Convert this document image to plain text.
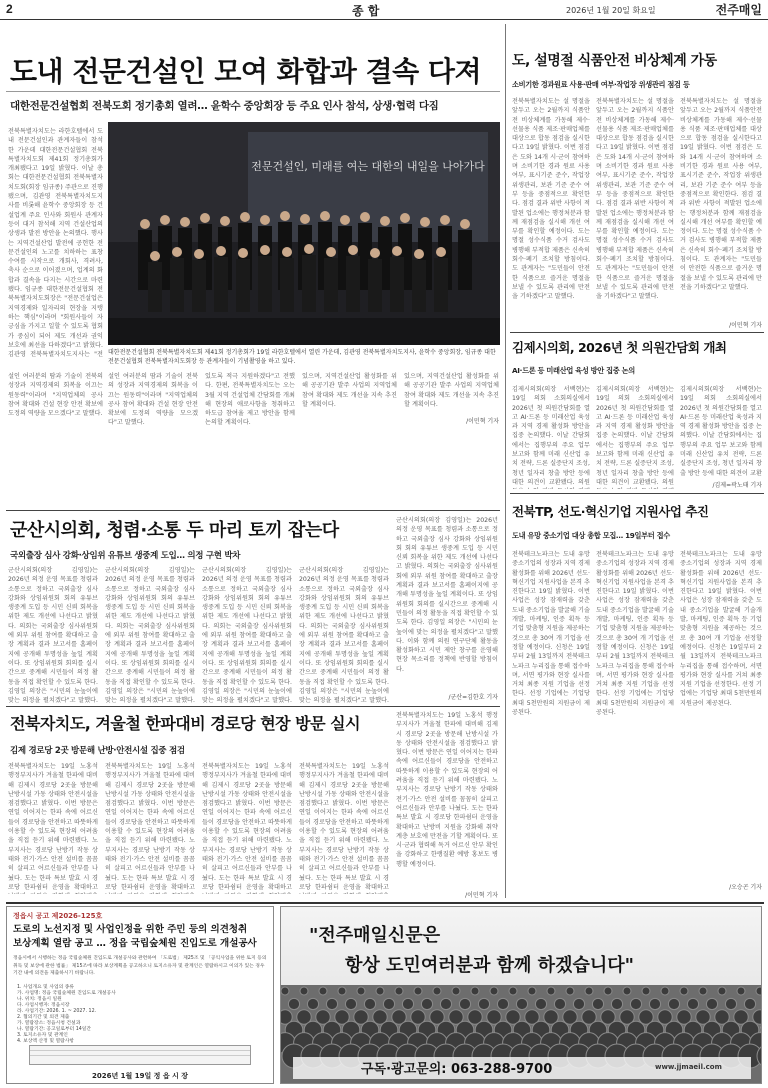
2	종 합	2026년 1월 20일 화요일	전주매일
도내 전문건설인 모여 화합과 결속 다져
대한전문건설협회 전북도회 정기총회 열려… 윤학수 중앙회장 등 주요 인사 참석, 상생·협력 다짐
전북특별자치도는 라한호텔에서 도내 전문건설인과 관계자들이 참석한 가운데 대한전문건설협회 전북특별자치도회 제41회 정기총회가 개최됐다고 19일 밝혔다. 이날 총회는 대한전문건설협회 전북특별자치도회(회장 임규종) 주관으로 진행됐으며, 김관영 전북특별자치도지사를 비롯해 윤학수 중앙회장 등 건설업계 주요 인사와 회원사 관계자 등이 대거 참석해 지역 건설산업의 상생과 발전 방안을 논의했다. 행사는 지역건설산업 발전에 공헌한 전문건설인의 노고를 치하하는 표창 수여를 시작으로 개회사, 격려사, 축사 순으로 이어졌으며, 업계의 화합과 결속을 다지는 시간으로 마련됐다. 임규종 대한전문건설협회 전북특별자치도회장은 "전문건설업은 지역경제와 일자리의 현장을 지탱하는 핵심"이라며 "회원사들이 자긍심을 가지고 일할 수 있도록 협회가 중심이 되어 제도 개선과 권익 보호에 최선을 다하겠다"고 밝혔다. 김관영 전북특별자치도지사는 "전
설인 여러분의 땀과 기술이 전북의 성장과 지역경제의 회복을 이끄는 원동력"이라며 "지역업체의 공사 참여 확대와 건설 현장 안전 확보에 도정의 역량을 모으겠다"고 말했다.
전문건설인, 미래를 여는 대한의 내일을 나아가다
대한전문건설협회 전북특별자치도회 제41회 정기총회가 19일 라한호텔에서 열린 가운데, 김관영 전북특별자치도지사, 윤학수 중앙회장, 임규종 대한전문건설협회 전북특별자치도회장 등 관계자들이 기념촬영을 하고 있다.
설인 여러분의 땀과 기술이 전북의 성장과 지역경제의 회복을 이끄는 원동력"이라며 "지역업체의 공사 참여 확대와 건설 현장 안전 확보에 도정의 역량을 모으겠다"고 말했다.
있도록 적극 지원하겠다"고 전했다. 한편, 전북특별자치도는 오는 3월 지역 건설업체 간담회를 개최해 현장의 애로사항을 청취하고 하도급 참여율 제고 방안을 함께 논의할 계획이다.
있으며, 지역건설산업 활성화를 위해 공공기관 발주 사업의 지역업체 참여 확대와 제도 개선을 지속 추진할 계획이다.
있으며, 지역건설산업 활성화를 위해 공공기관 발주 사업의 지역업체 참여 확대와 제도 개선을 지속 추진할 계획이다.
/이민혁 기자
군산시의회, 청렴·소통 두 마리 토끼 잡는다
국외출장 심사 강화·상임위 유튜브 생중계 도입… 의정 구현 박차
군산시의회(의장 김영일)는 2026년 의정 운영 목표를 청렴과 소통으로 정하고 국외출장 심사 강화와 상임위원회 회의 유튜브 생중계 도입 등 시민 신뢰 회복을 위한 제도 개선에 나선다고 밝혔다. 의회는 국외출장 심사위원회에 외부 위원 참여를 확대하고 출장 계획과 결과 보고서를 홈페이지에 공개해 투명성을 높일 계획이다. 또 상임위원회 회의를 실시간으로 중계해 시민들이 의정 활동을 직접 확인할 수 있도록 한다. 김영일 의장은 "시민의 눈높이에 맞는 의정을 펼치겠다"고 말했다.
군산시의회(의장 김영일)는 2026년 의정 운영 목표를 청렴과 소통으로 정하고 국외출장 심사 강화와 상임위원회 회의 유튜브 생중계 도입 등 시민 신뢰 회복을 위한 제도 개선에 나선다고 밝혔다. 의회는 국외출장 심사위원회에 외부 위원 참여를 확대하고 출장 계획과 결과 보고서를 홈페이지에 공개해 투명성을 높일 계획이다. 또 상임위원회 회의를 실시간으로 중계해 시민들이 의정 활동을 직접 확인할 수 있도록 한다. 김영일 의장은 "시민의 눈높이에 맞는 의정을 펼치겠다"고 말했다.
군산시의회(의장 김영일)는 2026년 의정 운영 목표를 청렴과 소통으로 정하고 국외출장 심사 강화와 상임위원회 회의 유튜브 생중계 도입 등 시민 신뢰 회복을 위한 제도 개선에 나선다고 밝혔다. 의회는 국외출장 심사위원회에 외부 위원 참여를 확대하고 출장 계획과 결과 보고서를 홈페이지에 공개해 투명성을 높일 계획이다. 또 상임위원회 회의를 실시간으로 중계해 시민들이 의정 활동을 직접 확인할 수 있도록 한다. 김영일 의장은 "시민의 눈높이에 맞는 의정을 펼치겠다"고 말했다.
군산시의회(의장 김영일)는 2026년 의정 운영 목표를 청렴과 소통으로 정하고 국외출장 심사 강화와 상임위원회 회의 유튜브 생중계 도입 등 시민 신뢰 회복을 위한 제도 개선에 나선다고 밝혔다. 의회는 국외출장 심사위원회에 외부 위원 참여를 확대하고 출장 계획과 결과 보고서를 홈페이지에 공개해 투명성을 높일 계획이다. 또 상임위원회 회의를 실시간으로 중계해 시민들이 의정 활동을 직접 확인할 수 있도록 한다. 김영일 의장은 "시민의 눈높이에 맞는 의정을 펼치겠다"고 말했다.
군산시의회(의장 김영일)는 2026년 의정 운영 목표를 청렴과 소통으로 정하고 국외출장 심사 강화와 상임위원회 회의 유튜브 생중계 도입 등 시민 신뢰 회복을 위한 제도 개선에 나선다고 밝혔다. 의회는 국외출장 심사위원회에 외부 위원 참여를 확대하고 출장 계획과 결과 보고서를 홈페이지에 공개해 투명성을 높일 계획이다. 또 상임위원회 회의를 실시간으로 중계해 시민들이 의정 활동을 직접 확인할 수 있도록 한다. 김영일 의장은 "시민의 눈높이에 맞는 의정을 펼치겠다"고 말했다. 이와 함께 의원 연구단체 활동을 활성화하고 시민 제안 창구를 운영해 현장 목소리를 정책에 반영할 방침이다.
/군산=김한호 기자
전북자치도, 겨울철 한파대비 경로당 현장 방문 실시
김제 경로당 2곳 방문해 난방·안전시설 집중 점검
전북특별자치도는 19일 노홍석 행정부지사가 겨울철 한파에 대비해 김제시 경로당 2곳을 방문해 난방시설 가동 상태와 안전시설을 점검했다고 밝혔다. 이번 방문은 연일 이어지는 한파 속에 어르신들이 경로당을 안전하고 따뜻하게 이용할 수 있도록 현장의 어려움을 직접 듣기 위해 마련됐다. 노 부지사는 경로당 난방기 작동 상태와 전기·가스 안전 설비를 꼼꼼히 살피고 어르신들과 안부를 나눴다. 도는 한파 특보 발효 시 경로당 한파쉼터 운영을 확대하고
전북특별자치도는 19일 노홍석 행정부지사가 겨울철 한파에 대비해 김제시 경로당 2곳을 방문해 난방시설 가동 상태와 안전시설을 점검했다고 밝혔다. 이번 방문은 연일 이어지는 한파 속에 어르신들이 경로당을 안전하고 따뜻하게 이용할 수 있도록 현장의 어려움을 직접 듣기 위해 마련됐다. 노 부지사는 경로당 난방기 작동 상태와 전기·가스 안전 설비를 꼼꼼히 살피고 어르신들과 안부를 나눴다. 도는 한파 특보 발효 시 경로당 한파쉼터 운영을 확대하고
전북특별자치도는 19일 노홍석 행정부지사가 겨울철 한파에 대비해 김제시 경로당 2곳을 방문해 난방시설 가동 상태와 안전시설을 점검했다고 밝혔다. 이번 방문은 연일 이어지는 한파 속에 어르신들이 경로당을 안전하고 따뜻하게 이용할 수 있도록 현장의 어려움을 직접 듣기 위해 마련됐다. 노 부지사는 경로당 난방기 작동 상태와 전기·가스 안전 설비를 꼼꼼히 살피고 어르신들과 안부를 나눴다. 도는 한파 특보 발효 시 경로당 한파쉼터 운영을 확대하고
전북특별자치도는 19일 노홍석 행정부지사가 겨울철 한파에 대비해 김제시 경로당 2곳을 방문해 난방시설 가동 상태와 안전시설을 점검했다고 밝혔다. 이번 방문은 연일 이어지는 한파 속에 어르신들이 경로당을 안전하고 따뜻하게 이용할 수 있도록 현장의 어려움을 직접 듣기 위해 마련됐다. 노 부지사는 경로당 난방기 작동 상태와 전기·가스 안전 설비를 꼼꼼히 살피고 어르신들과 안부를 나눴다. 도는 한파 특보 발효 시 경로당 한파쉼터 운영을 확대하고
전북특별자치도는 19일 노홍석 행정부지사가 겨울철 한파에 대비해 김제시 경로당 2곳을 방문해 난방시설 가동 상태와 안전시설을 점검했다고 밝혔다. 이번 방문은 연일 이어지는 한파 속에 어르신들이 경로당을 안전하고 따뜻하게 이용할 수 있도록 현장의 어려움을 직접 듣기 위해 마련됐다. 노 부지사는 경로당 난방기 작동 상태와 전기·가스 안전 설비를 꼼꼼히 살피고 어르신들과 안부를 나눴다. 도는 한파 특보 발효 시 경로당 한파쉼터 운영을 확대하고 난방비 지원을 강화해 취약계층 보호에 만전을 기할 계획이다. 또 시·군과 협력해 독거 어르신 안부 확인을 강화하고 한랭질환 예방 홍보도 병행할 예정이다.
/이민혁 기자
도, 설명절 식품안전 비상체계 가동
소비기한 경과원료 사용·판매 여부·작업장 위생관리 점검 등
전북특별자치도는 설 명절을 앞두고 오는 2월까지 식품안전 비상체계를 가동해 제수·선물용 식품 제조·판매업체를 대상으로 합동 점검을 실시한다고 19일 밝혔다. 이번 점검은 도와 14개 시·군이 참여하며 소비기한 경과 원료 사용 여부, 표시기준 준수, 작업장 위생관리, 보관 기준 준수 여부 등을 중점적으로 확인한다. 점검 결과 위반 사항이 적발된 업소에는 행정처분과 함께 재점검을 실시해 개선 여부를 확인할 예정이다. 도는 명절 성수식품 수거 검사도 병행해 부적합 제품은 신속히 회수·폐기 조치할 방침이다. 도 관계자는 "도민들이 안전한 식품으로 즐거운 명절을 보낼 수 있도록 관리에 만전을 기하겠다"고 말했다.
전북특별자치도는 설 명절을 앞두고 오는 2월까지 식품안전 비상체계를 가동해 제수·선물용 식품 제조·판매업체를 대상으로 합동 점검을 실시한다고 19일 밝혔다. 이번 점검은 도와 14개 시·군이 참여하며 소비기한 경과 원료 사용 여부, 표시기준 준수, 작업장 위생관리, 보관 기준 준수 여부 등을 중점적으로 확인한다. 점검 결과 위반 사항이 적발된 업소에는 행정처분과 함께 재점검을 실시해 개선 여부를 확인할 예정이다. 도는 명절 성수식품 수거 검사도 병행해 부적합 제품은 신속히 회수·폐기 조치할 방침이다. 도 관계자는 "도민들이 안전한 식품으로 즐거운 명절을 보낼 수 있도록 관리에 만전을 기하겠다"고 말했다.
전북특별자치도는 설 명절을 앞두고 오는 2월까지 식품안전 비상체계를 가동해 제수·선물용 식품 제조·판매업체를 대상으로 합동 점검을 실시한다고 19일 밝혔다. 이번 점검은 도와 14개 시·군이 참여하며 소비기한 경과 원료 사용 여부, 표시기준 준수, 작업장 위생관리, 보관 기준 준수 여부 등을 중점적으로 확인한다. 점검 결과 위반 사항이 적발된 업소에는 행정처분과 함께 재점검을 실시해 개선 여부를 확인할 예정이다. 도는 명절 성수식품 수거 검사도 병행해 부적합 제품은 신속히 회수·폐기 조치할 방침이다. 도 관계자는 "도민들이 안전한 식품으로 즐거운 명절을 보낼 수 있도록 관리에 만전을 기하겠다"고 말했다.
/이민혁 기자
김제시의회, 2026년 첫 의원간담회 개최
AI·드론 등 미래산업 육성 방안 집중 논의
김제시의회(의장 서백현)는 19일 의회 소회의실에서 2026년 첫 의원간담회를 열고 AI·드론 등 미래산업 육성과 지역 경제 활성화 방안을 집중 논의했다. 이날 간담회에서는 집행부의 주요 업무 보고와 함께 미래 신산업 유치 전략, 드론 실증단지 조성, 청년 일자리 창출 방안 등에 대한 의견이 교환됐다. 의원
김제시의회(의장 서백현)는 19일 의회 소회의실에서 2026년 첫 의원간담회를 열고 AI·드론 등 미래산업 육성과 지역 경제 활성화 방안을 집중 논의했다. 이날 간담회에서는 집행부의 주요 업무 보고와 함께 미래 신산업 유치 전략, 드론 실증단지 조성, 청년 일자리 창출 방안 등에 대한 의견이 교환됐다. 의원
김제시의회(의장 서백현)는 19일 의회 소회의실에서 2026년 첫 의원간담회를 열고 AI·드론 등 미래산업 육성과 지역 경제 활성화 방안을 집중 논의했다. 이날 간담회에서는 집행부의 주요 업무 보고와 함께 미래 신산업 유치 전략, 드론 실증단지 조성, 청년 일자리 창출 방안 등에 대한 의견이 교환
/김제=곽노태 기자
전북TP, 선도·혁신기업 지원사업 추진
도내 유망 중소기업 대상 총합 모집… 19일부터 접수
전북테크노파크는 도내 유망 중소기업의 성장과 지역 경제 활성화를 위해 2026년 선도·혁신기업 지원사업을 본격 추진한다고 19일 밝혔다. 이번 사업은 성장 잠재력을 갖춘 도내 중소기업을 발굴해 기술개발, 마케팅, 인증 획득 등 기업 맞춤형 지원을 제공하는 것으로 총 30여 개 기업을 선정할 예정이다. 신청은 19일부터 2월 13일까지 전북테크노파크 누리집을 통해 접수하며, 서면 평가와 현장 실사를 거쳐 최종 지원 기업을 선정한다. 선정 기업에는 기업당 최대 5천만원의 지원금이 제공된다.
전북테크노파크는 도내 유망 중소기업의 성장과 지역 경제 활성화를 위해 2026년 선도·혁신기업 지원사업을 본격 추진한다고 19일 밝혔다. 이번 사업은 성장 잠재력을 갖춘 도내 중소기업을 발굴해 기술개발, 마케팅, 인증 획득 등 기업 맞춤형 지원을 제공하는 것으로 총 30여 개 기업을 선정할 예정이다. 신청은 19일부터 2월 13일까지 전북테크노파크 누리집을 통해 접수하며, 서면 평가와 현장 실사를 거쳐 최종 지원 기업을 선정한다. 선정 기업에는 기업당 최대 5천만원의 지원금이 제공된다.
전북테크노파크는 도내 유망 중소기업의 성장과 지역 경제 활성화를 위해 2026년 선도·혁신기업 지원사업을 본격 추진한다고 19일 밝혔다. 이번 사업은 성장 잠재력을 갖춘 도내 중소기업을 발굴해 기술개발, 마케팅, 인증 획득 등 기업 맞춤형 지원을 제공하는 것으로 총 30여 개 기업을 선정할 예정이다. 신청은 19일부터 2월 13일까지 전북테크노파크 누리집을 통해 접수하며, 서면 평가와 현장 실사를 거쳐 최종 지원 기업을 선정한다. 선정 기업에는 기업당 최대 5천만원의 지원금이 제공된다.
/오승곤 기자
정읍시 공고 제2026-125호
도로의 노선지정 및 사업인정을 위한 주민 등의 의견청취
보상계획 열람 공고 … 정읍 국립숲체원 진입도로 개설공사
정읍시에서 시행하는 정읍 국립숲체원 진입도로 개설공사와 관련하여 「도로법」 제25조 및 「공익사업을 위한 토지 등의 취득 및 보상에 관한 법률」 제15조에 따라 보상계획을 공고하오니 토지소유자 및 관계인은 열람하시고 이의가 있는 경우 기간 내에 의견을 제출하시기 바랍니다.
1. 사업개요 및 사업의 종류
가. 사업명: 정읍 국립숲체원 진입도로 개설공사
나. 위치: 정읍시 일원
다. 사업시행자: 정읍시장
라. 사업기간: 2026. 1. ~ 2027. 12.
2. 협의기간 및 의견 제출
가. 열람장소: 정읍시청 건설과
나. 열람기간: 공고일로부터 14일간
3. 토지소유자 및 관계인
4. 보상액 산정 및 열람사항
2026년 1월 19일 정 읍 시 장
"전주매일신문은
항상 도민여러분과 함께 하겠습니다"
구독·광고문의: 063-288-9700	www.jjmaeil.com
